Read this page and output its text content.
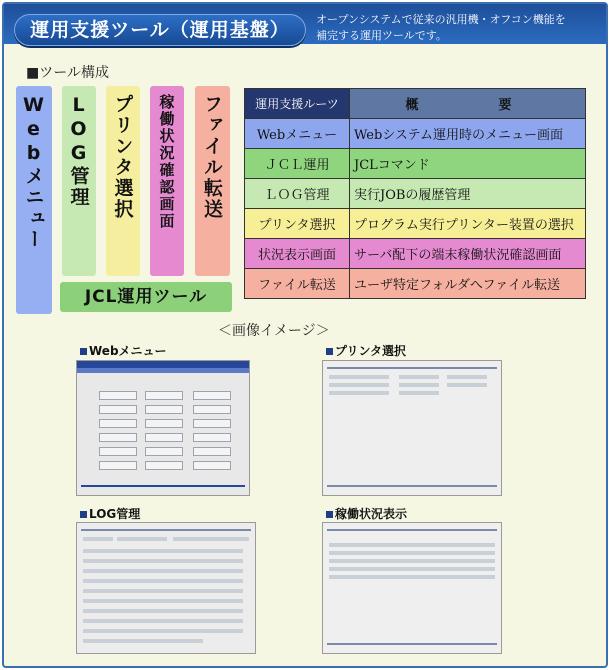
運用支援ツール（運用基盤）	オープンシステムで従来の汎用機・オフコン機能を
補完する運用ツールです。
■ツール構成
Webメニュー	LOG管理	プリンタ選択	稼働状況確認画面	ファイル転送
JCL運用ツール
運用支援ルーツ	概　　要
Webメニュー	Webシステム運用時のメニュー画面
ＪＣＬ運用	JCLコマンド
ＬＯＧ管理	実行JOBの履歴管理
プリンタ選択	プログラム実行プリンター装置の選択
状況表示画面	サーバ配下の端末稼働状況確認画面
ファイル転送	ユーザ特定フォルダへファイル転送
＜画像イメージ＞
Webメニュー	プリンタ選択
LOG管理	稼働状況表示
